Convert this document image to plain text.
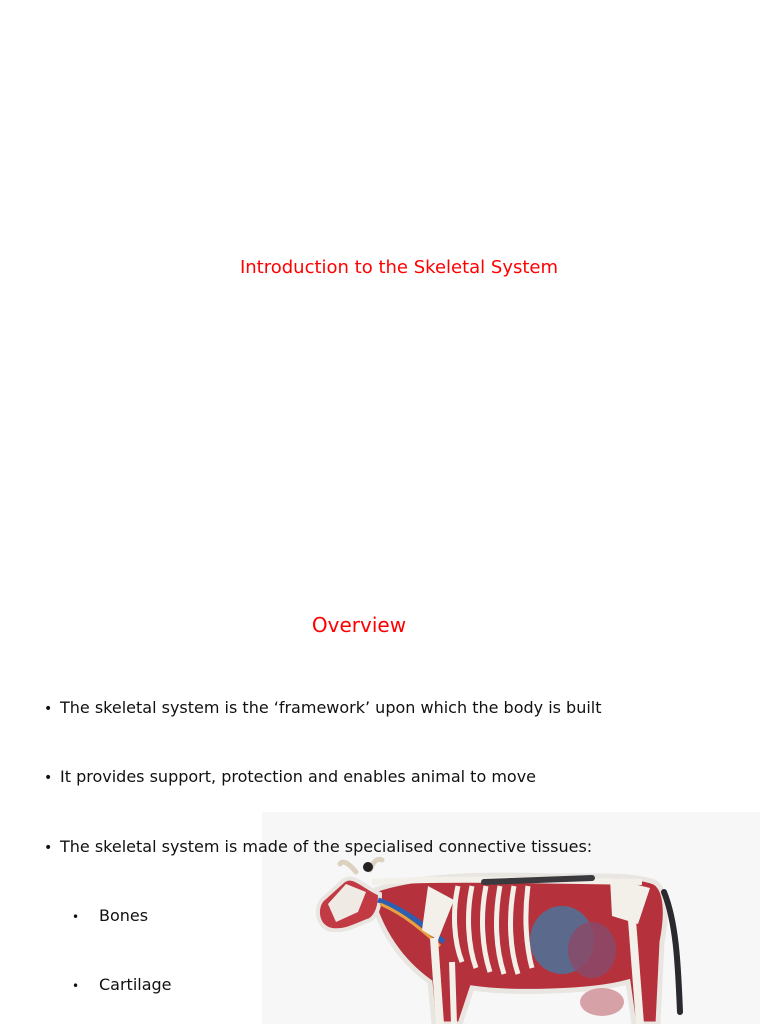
Introduction to the Skeletal System
Overview
• The skeletal system is the ‘framework’ upon which the body is built
• It provides support, protection and enables animal to move
• The skeletal system is made of the specialised connective tissues:
• Bones
• Cartilage
